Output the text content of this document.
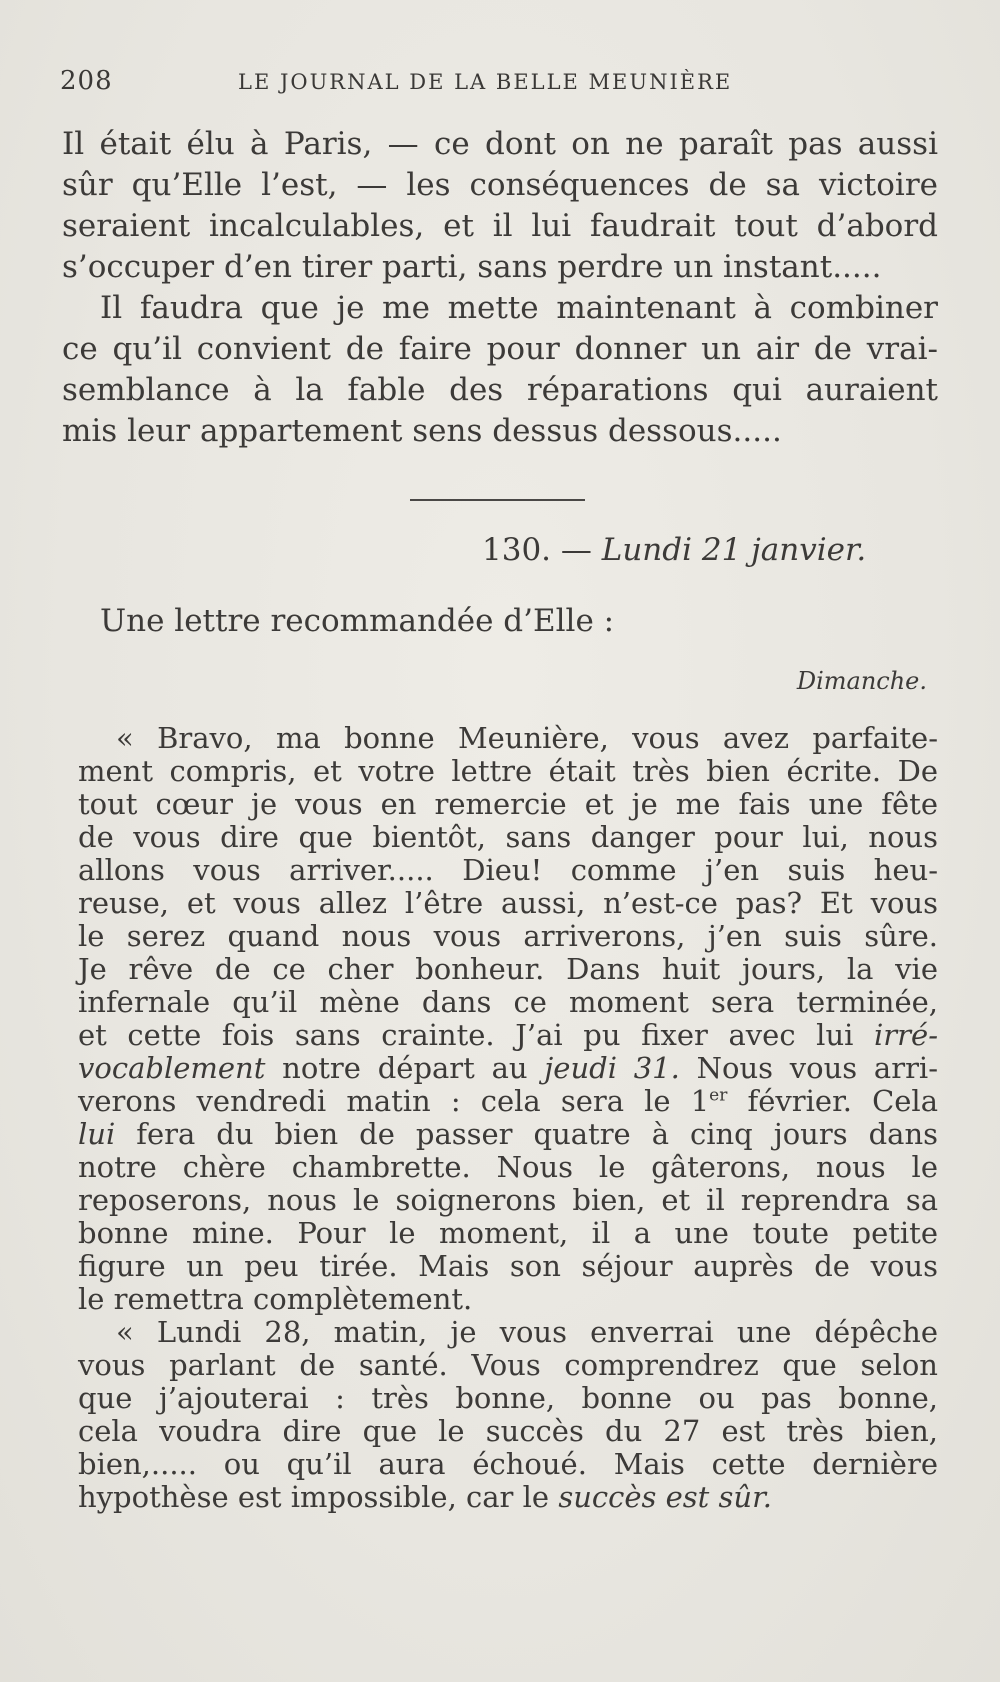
208	LE JOURNAL DE LA BELLE MEUNIÈRE
Il était élu à Paris, — ce dont on ne paraît pas aussi
sûr qu’Elle l’est, — les conséquences de sa victoire
seraient incalculables, et il lui faudrait tout d’abord
s’occuper d’en tirer parti, sans perdre un instant.....
Il faudra que je me mette maintenant à combiner
ce qu’il convient de faire pour donner un air de vrai-
semblance à la fable des réparations qui auraient
mis leur appartement sens dessus dessous.....
130. — Lundi 21 janvier.
Une lettre recommandée d’Elle :
Dimanche.
« Bravo, ma bonne Meunière, vous avez parfaite-
ment compris, et votre lettre était très bien écrite. De
tout cœur je vous en remercie et je me fais une fête
de vous dire que bientôt, sans danger pour lui, nous
allons vous arriver..... Dieu! comme j’en suis heu-
reuse, et vous allez l’être aussi, n’est-ce pas? Et vous
le serez quand nous vous arriverons, j’en suis sûre.
Je rêve de ce cher bonheur. Dans huit jours, la vie
infernale qu’il mène dans ce moment sera terminée,
et cette fois sans crainte. J’ai pu fixer avec lui irré-
vocablement notre départ au jeudi 31. Nous vous arri-
verons vendredi matin : cela sera le 1er février. Cela
lui fera du bien de passer quatre à cinq jours dans
notre chère chambrette. Nous le gâterons, nous le
reposerons, nous le soignerons bien, et il reprendra sa
bonne mine. Pour le moment, il a une toute petite
figure un peu tirée. Mais son séjour auprès de vous
le remettra complètement.
« Lundi 28, matin, je vous enverrai une dépêche
vous parlant de santé. Vous comprendrez que selon
que j’ajouterai : très bonne, bonne ou pas bonne,
cela voudra dire que le succès du 27 est très bien,
bien,..... ou qu’il aura échoué. Mais cette dernière
hypothèse est impossible, car le succès est sûr.
